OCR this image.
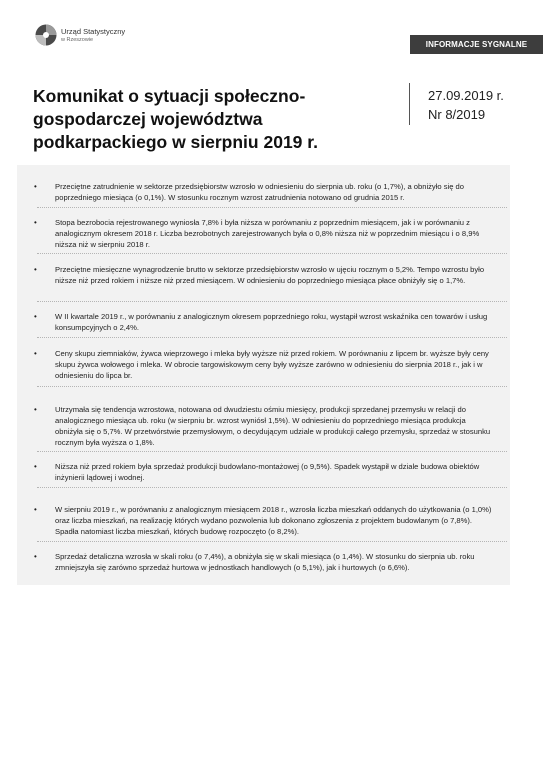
Urząd Statystyczny
w Rzeszowie	INFORMACJE SYGNALNE
Komunikat o sytuacji społeczno-gospodarczej województwa podkarpackiego w sierpniu 2019 r.
27.09.2019 r.
Nr 8/2019
• Przeciętne zatrudnienie w sektorze przedsiębiorstw wzrosło w odniesieniu do sierpnia ub. roku (o 1,7%), a obniżyło się do poprzedniego miesiąca (o 0,1%). W stosunku rocznym wzrost zatrudnienia notowano od grudnia 2015 r.

• Stopa bezrobocia rejestrowanego wyniosła 7,8% i była niższa w porównaniu z poprzednim miesiącem, jak i w porównaniu z analogicznym okresem 2018 r. Liczba bezrobotnych zarejestrowanych była o 0,8% niższa niż w poprzednim miesiącu i o 8,9% niższa niż w sierpniu 2018 r.

• Przeciętne miesięczne wynagrodzenie brutto w sektorze przedsiębiorstw wzrosło w ujęciu rocznym o 5,2%. Tempo wzrostu było niższe niż przed rokiem i niższe niż przed miesiącem. W odniesieniu do poprzedniego miesiąca płace obniżyły się o 1,7%.

• W II kwartale 2019 r., w porównaniu z analogicznym okresem poprzedniego roku, wystąpił wzrost wskaźnika cen towarów i usług konsumpcyjnych o 2,4%.

• Ceny skupu ziemniaków, żywca wieprzowego i mleka były wyższe niż przed rokiem. W porównaniu z lipcem br. wyższe były ceny skupu żywca wołowego i mleka. W obrocie targowiskowym ceny były wyższe zarówno w odniesieniu do sierpnia 2018 r., jak i w odniesieniu do lipca br.

• Utrzymała się tendencja wzrostowa, notowana od dwudziestu ośmiu miesięcy, produkcji sprzedanej przemysłu w relacji do analogicznego miesiąca ub. roku (w sierpniu br. wzrost wyniósł 1,5%). W odniesieniu do poprzedniego miesiąca produkcja obniżyła się o 5,7%. W przetwórstwie przemysłowym, o decydującym udziale w produkcji całego przemysłu, sprzedaż w stosunku rocznym była wyższa o 1,8%.

• Niższa niż przed rokiem była sprzedaż produkcji budowlano-montażowej (o 9,5%). Spadek wystąpił w dziale budowa obiektów inżynierii lądowej i wodnej.

• W sierpniu 2019 r., w porównaniu z analogicznym miesiącem 2018 r., wzrosła liczba mieszkań oddanych do użytkowania (o 1,0%) oraz liczba mieszkań, na realizację których wydano pozwolenia lub dokonano zgłoszenia z projektem budowlanym (o 7,8%). Spadła natomiast liczba mieszkań, których budowę rozpoczęto (o 8,2%).

• Sprzedaż detaliczna wzrosła w skali roku (o 7,4%), a obniżyła się w skali miesiąca (o 1,4%). W stosunku do sierpnia ub. roku zmniejszyła się zarówno sprzedaż hurtowa w jednostkach handlowych (o 5,1%), jak i hurtowych (o 6,6%).
